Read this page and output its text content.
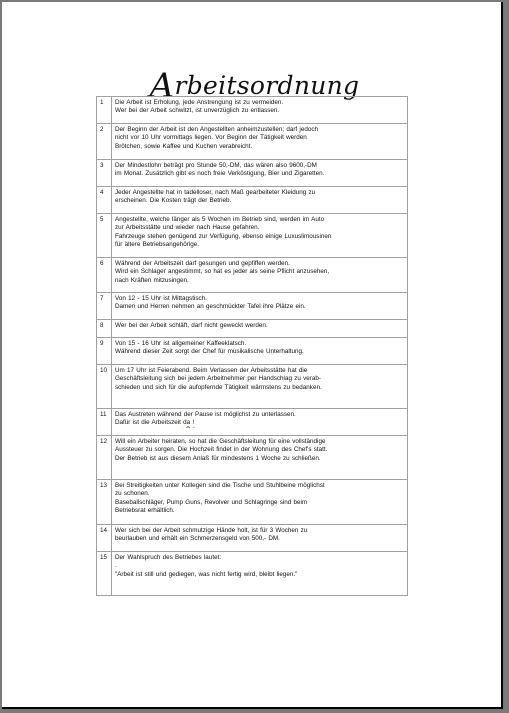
Arbeitsordnung
1	Die Arbeit ist Erholung, jede Anstrengung ist zu vermeiden.
Wer bei der Arbeit schwitzt, ist unverzüglich zu entlassen.

2	Der Beginn der Arbeit ist den Angestellten anheimzustellen; darf jedoch
nicht vor 10 Uhr vormittags liegen. Vor Beginn der Tätigkeit werden
Brötchen, sowie Kaffee und Kuchen verabreicht.

3	Der Mindestlohn beträgt pro Stunde 50,-DM, das wären also 9600,-DM
im Monat. Zusätzlich gibt es noch freie Verköstigung, Bier und Zigaretten.

4	Jeder Angestellte hat in tadelloser, nach Maß gearbeiteter Kleidung zu
erscheinen. Die Kosten trägt der Betrieb.

5	Angestellte, welche länger als 5 Wochen im Betrieb sind, werden im Auto
zur Arbeitsstätte und wieder nach Hause gefahren.
Fahrzeuge stehen genügend zur Verfügung, ebenso einige Luxuslimousinen
für ältere Betriebsangehörige.

6	Während der Arbeitszeit darf gesungen und gepfiffen werden.
Wird ein Schlager angestimmt, so hat es jeder als seine Pflicht anzusehen,
nach Kräften mitzusingen.

7	Von 12 - 15 Uhr ist Mittagstisch.
Damen und Herren nehmen an geschmückter Tafel ihre Plätze ein.

8	Wer bei der Arbeit schläft, darf nicht geweckt werden.

9	Von 15 - 16 Uhr ist allgemeiner Kaffeeklatsch.
Während dieser Zeit sorgt der Chef für musikalische Unterhaltung.

10	Um 17 Uhr ist Feierabend. Beim Verlassen der Arbeitsstätte hat die
Geschäftsleitung sich bei jedem Arbeitnehmer per Handschlag zu verab-
schieden und sich für die aufopfernde Tätigkeit wärmstens zu bedanken.

11	Das Austreten während der Pause ist möglichst zu unterlassen.
Dafür ist die Arbeitszeit da !

12	Will ein Arbeiter heiraten, so hat die Geschäftsleitung für eine vollständige
Aussteuer zu sorgen. Die Hochzeit findet in der Wohnung des Chef's statt.
Der Betrieb ist aus diesem Anlaß für mindestens 1 Woche zu schließen.

13	Bei Streitigkeiten unter Kollegen sind die Tische und Stuhlbeine möglichst
zu schonen.
Baseballschläger, Pump Guns, Revolver und Schlagringe sind beim
Betriebsrat erhältlich.

14	Wer sich bei der Arbeit schmutzige Hände holt, ist für 3 Wochen zu
beurlauben und erhält ein Schmerzensgeld von 500,- DM.

15	Der Wahlspruch des Betriebes lautet:
.
"Arbeit ist still und gediegen, was nicht fertig wird, bleibt liegen."
